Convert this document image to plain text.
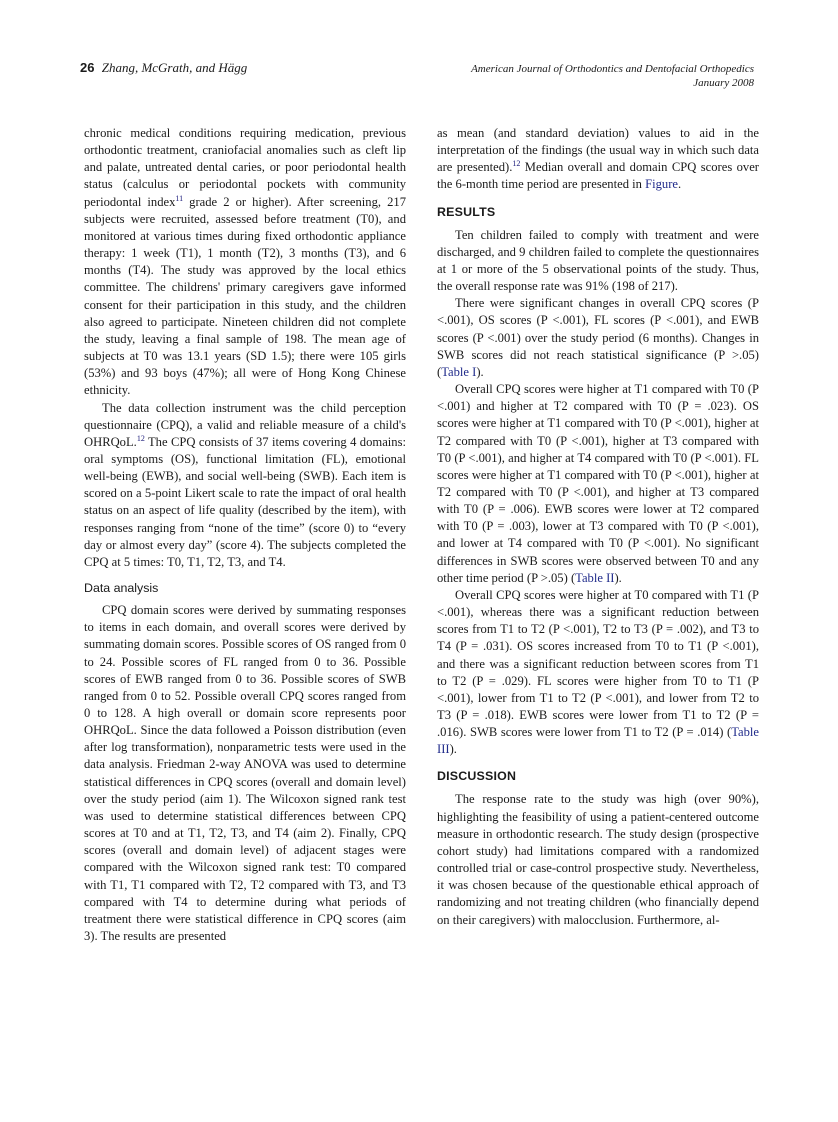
26 Zhang, McGrath, and Hägg	American Journal of Orthodontics and Dentofacial Orthopedics
January 2008

chronic medical conditions requiring medication, previous orthodontic treatment, craniofacial anomalies such as cleft lip and palate, untreated dental caries, or poor periodontal health status (calculus or periodontal pockets with community periodontal index$^{11}$ grade 2 or higher). After screening, 217 subjects were recruited, assessed before treatment (T0), and monitored at various times during fixed orthodontic appliance therapy: 1 week (T1), 1 month (T2), 3 months (T3), and 6 months (T4). The study was approved by the local ethics committee. The childrens' primary caregivers gave informed consent for their participation in this study, and the children also agreed to participate. Nineteen children did not complete the study, leaving a final sample of 198. The mean age of subjects at T0 was 13.1 years (SD 1.5); there were 105 girls (53%) and 93 boys (47%); all were of Hong Kong Chinese ethnicity.

The data collection instrument was the child perception questionnaire (CPQ), a valid and reliable measure of a child's OHRQoL.$^{12}$ The CPQ consists of 37 items covering 4 domains: oral symptoms (OS), functional limitation (FL), emotional well-being (EWB), and social well-being (SWB). Each item is scored on a 5-point Likert scale to rate the impact of oral health status on an aspect of life quality (described by the item), with responses ranging from “none of the time” (score 0) to “every day or almost every day” (score 4). The subjects completed the CPQ at 5 times: T0, T1, T2, T3, and T4.

Data analysis

CPQ domain scores were derived by summating responses to items in each domain, and overall scores were derived by summating domain scores. Possible scores of OS ranged from 0 to 24. Possible scores of FL ranged from 0 to 36. Possible scores of EWB ranged from 0 to 36. Possible scores of SWB ranged from 0 to 52. Possible overall CPQ scores ranged from 0 to 128. A high overall or domain score represents poor OHRQoL. Since the data followed a Poisson distribution (even after log transformation), nonparametric tests were used in the data analysis. Friedman 2-way ANOVA was used to determine statistical differences in CPQ scores (overall and domain level) over the study period (aim 1). The Wilcoxon signed rank test was used to determine statistical differences between CPQ scores at T0 and at T1, T2, T3, and T4 (aim 2). Finally, CPQ scores (overall and domain level) of adjacent stages were compared with the Wilcoxon signed rank test: T0 compared with T1, T1 compared with T2, T2 compared with T3, and T3 compared with T4 to determine during what periods of treatment there were statistical difference in CPQ scores (aim 3). The results are presented

as mean (and standard deviation) values to aid in the interpretation of the findings (the usual way in which such data are presented).$^{12}$ Median overall and domain CPQ scores over the 6-month time period are presented in Figure.

RESULTS

Ten children failed to comply with treatment and were discharged, and 9 children failed to complete the questionnaires at 1 or more of the 5 observational points of the study. Thus, the overall response rate was 91% (198 of 217).

There were significant changes in overall CPQ scores (P <.001), OS scores (P <.001), FL scores (P <.001), and EWB scores (P <.001) over the study period (6 months). Changes in SWB scores did not reach statistical significance (P >.05) (Table I).

Overall CPQ scores were higher at T1 compared with T0 (P <.001) and higher at T2 compared with T0 (P = .023). OS scores were higher at T1 compared with T0 (P <.001), higher at T2 compared with T0 (P <.001), higher at T3 compared with T0 (P <.001), and higher at T4 compared with T0 (P <.001). FL scores were higher at T1 compared with T0 (P <.001), higher at T2 compared with T0 (P <.001), and higher at T3 compared with T0 (P = .006). EWB scores were lower at T2 compared with T0 (P = .003), lower at T3 compared with T0 (P <.001), and lower at T4 compared with T0 (P <.001). No significant differences in SWB scores were observed between T0 and any other time period (P >.05) (Table II).

Overall CPQ scores were higher at T0 compared with T1 (P <.001), whereas there was a significant reduction between scores from T1 to T2 (P <.001), T2 to T3 (P = .002), and T3 to T4 (P = .031). OS scores increased from T0 to T1 (P <.001), and there was a significant reduction between scores from T1 to T2 (P = .029). FL scores were higher from T0 to T1 (P <.001), lower from T1 to T2 (P <.001), and lower from T2 to T3 (P = .018). EWB scores were lower from T1 to T2 (P = .016). SWB scores were lower from T1 to T2 (P = .014) (Table III).

DISCUSSION

The response rate to the study was high (over 90%), highlighting the feasibility of using a patient-centered outcome measure in orthodontic research. The study design (prospective cohort study) had limitations compared with a randomized controlled trial or case-control prospective study. Nevertheless, it was chosen because of the questionable ethical approach of randomizing and not treating children (who financially depend on their caregivers) with malocclusion. Furthermore, al-
